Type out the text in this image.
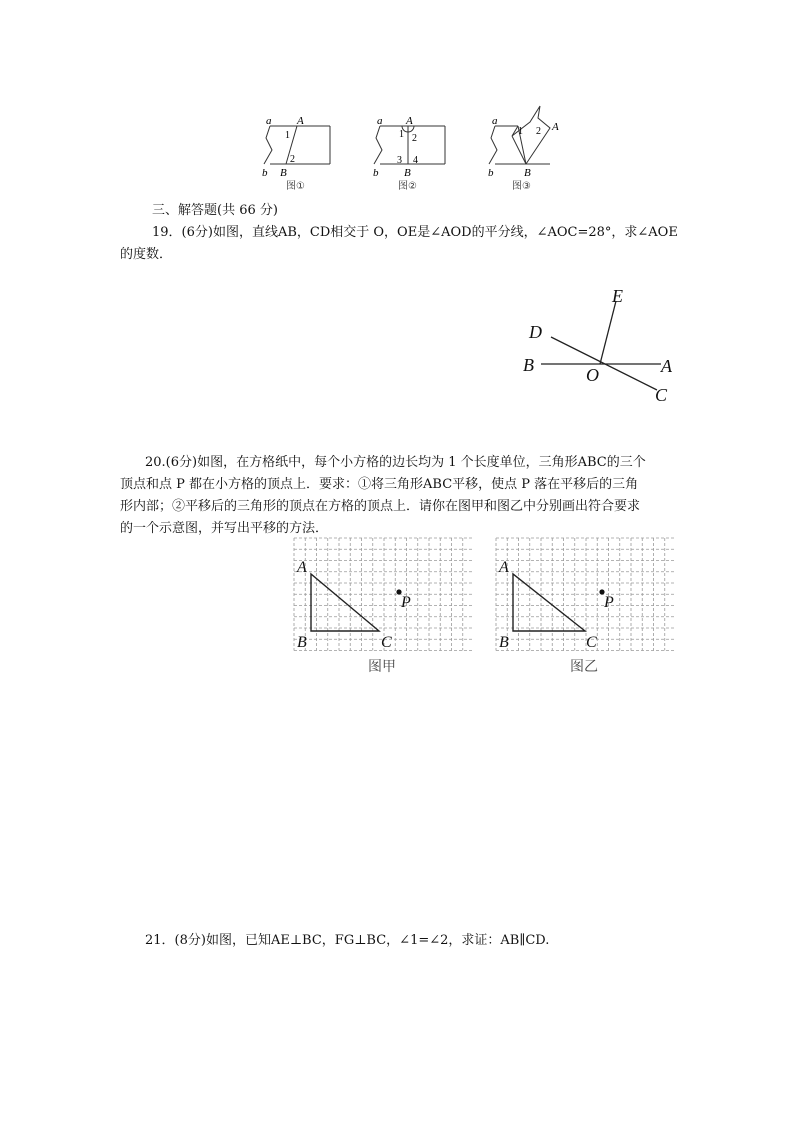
a
b
A
B
1
2
图①
a
b
A
B
1 2
3 4
图②
a
b
A
B
1 2
图③
三、解答题(共 66 分)
19．(6分)如图，直线AB，CD相交于 O，OE是∠AOD的平分线，∠AOC=28°，求∠AOE
的度数．
E
D
B	A
O
C
20.(6分)如图，在方格纸中，每个小方格的边长均为 1 个长度单位，三角形ABC的三个
顶点和点 P 都在小方格的顶点上．要求：①将三角形ABC平移，使点 P 落在平移后的三角
形内部；②平移后的三角形的顶点在方格的顶点上．请你在图甲和图乙中分别画出符合要求
的一个示意图，并写出平移的方法．
A
B	C
P
图甲
A
B	C
P
图乙
21．(8分)如图，已知AE⊥BC，FG⊥BC，∠1=∠2，求证：AB∥CD.
